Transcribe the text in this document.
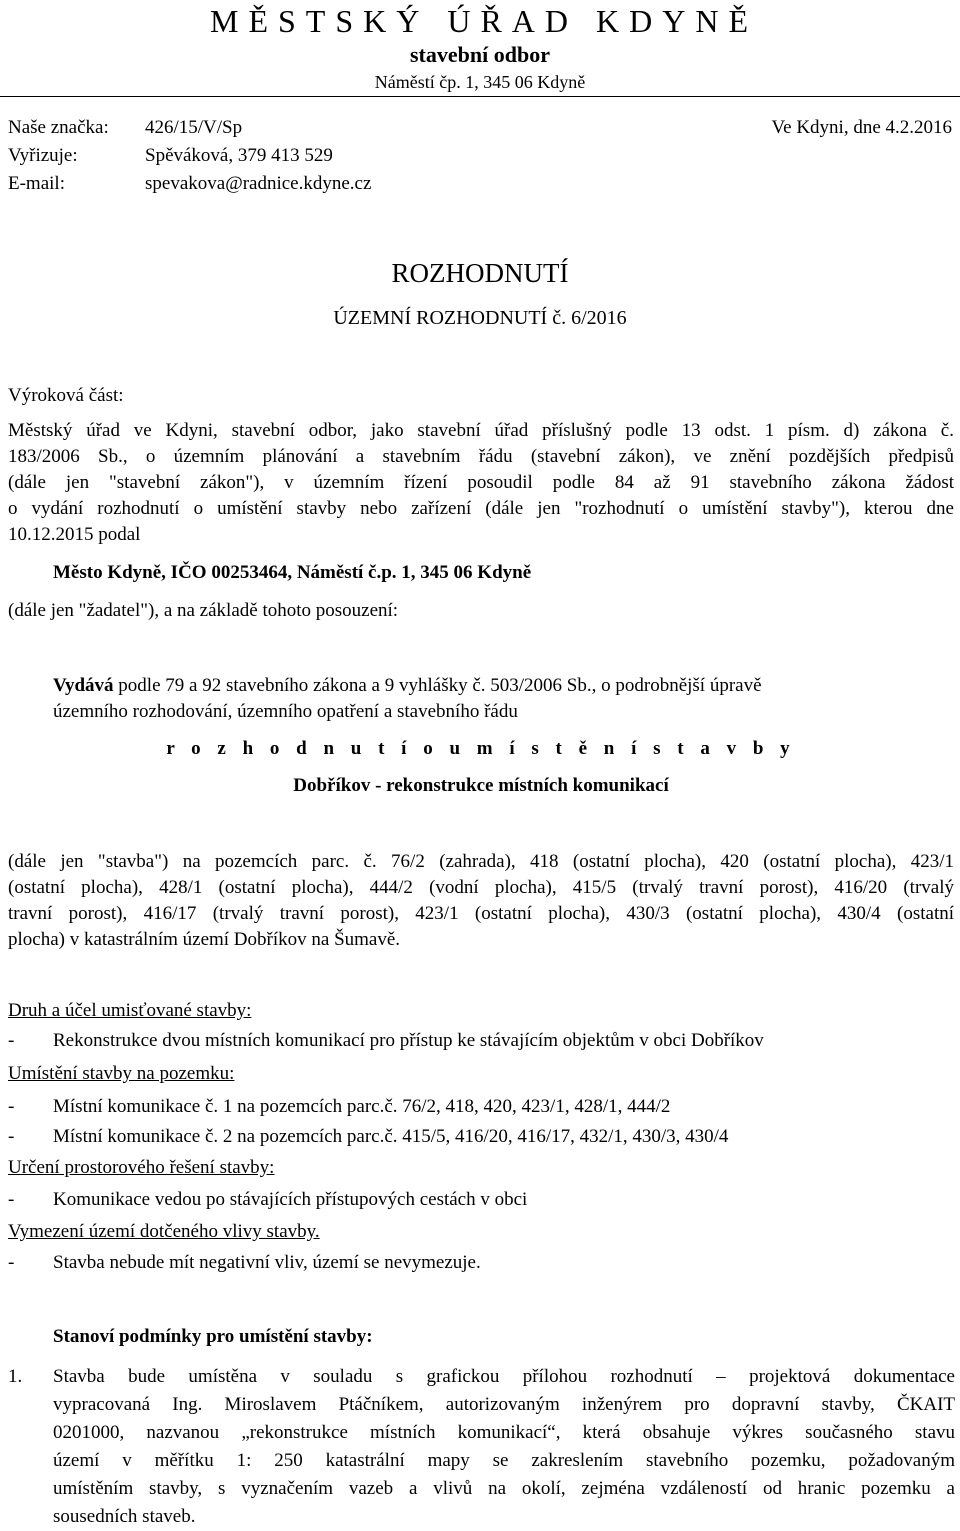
MĚSTSKÝ ÚŘAD KDYNĚ
stavební odbor
Náměstí čp. 1, 345 06 Kdyně
Naše značka: 426/15/V/Sp	Ve Kdyni, dne 4.2.2016
Vyřizuje:	Spěváková, 379 413 529
E-mail:	spevakova@radnice.kdyne.cz
ROZHODNUTÍ
ÚZEMNÍ ROZHODNUTÍ č. 6/2016
Výroková část:
Městský úřad ve Kdyni, stavební odbor, jako stavební úřad příslušný podle 13 odst. 1 písm. d) zákona č.
183/2006 Sb., o územním plánování a stavebním řádu (stavební zákon), ve znění pozdějších předpisů
(dále jen "stavební zákon"), v územním řízení posoudil podle 84 až 91 stavebního zákona žádost
o vydání rozhodnutí o umístění stavby nebo zařízení (dále jen "rozhodnutí o umístění stavby"), kterou dne
10.12.2015 podal
Město Kdyně, IČO 00253464, Náměstí č.p. 1, 345 06 Kdyně
(dále jen "žadatel"), a na základě tohoto posouzení:
Vydává podle 79 a 92 stavebního zákona a 9 vyhlášky č. 503/2006 Sb., o podrobnější úpravě
územního rozhodování, územního opatření a stavebního řádu
r o z h o d n u t í o u m í s t ě n í s t a v b y
Dobříkov - rekonstrukce místních komunikací
(dále jen "stavba") na pozemcích parc. č. 76/2 (zahrada), 418 (ostatní plocha), 420 (ostatní plocha), 423/1
(ostatní plocha), 428/1 (ostatní plocha), 444/2 (vodní plocha), 415/5 (trvalý travní porost), 416/20 (trvalý
travní porost), 416/17 (trvalý travní porost), 423/1 (ostatní plocha), 430/3 (ostatní plocha), 430/4 (ostatní
plocha) v katastrálním území Dobříkov na Šumavě.
Druh a účel umisťované stavby:
- Rekonstrukce dvou místních komunikací pro přístup ke stávajícím objektům v obci Dobříkov
Umístění stavby na pozemku:
- Místní komunikace č. 1 na pozemcích parc.č. 76/2, 418, 420, 423/1, 428/1, 444/2
- Místní komunikace č. 2 na pozemcích parc.č. 415/5, 416/20, 416/17, 432/1, 430/3, 430/4
Určení prostorového řešení stavby:
- Komunikace vedou po stávajících přístupových cestách v obci
Vymezení území dotčeného vlivy stavby.
- Stavba nebude mít negativní vliv, území se nevymezuje.
Stanoví podmínky pro umístění stavby:
1. Stavba bude umístěna v souladu s grafickou přílohou rozhodnutí – projektová dokumentace
vypracovaná Ing. Miroslavem Ptáčníkem, autorizovaným inženýrem pro dopravní stavby, ČKAIT
0201000, nazvanou „rekonstrukce místních komunikací“, která obsahuje výkres současného stavu
území v měřítku 1: 250 katastrální mapy se zakreslením stavebního pozemku, požadovaným
umístěním stavby, s vyznačením vazeb a vlivů na okolí, zejména vzdáleností od hranic pozemku a
sousedních staveb.
